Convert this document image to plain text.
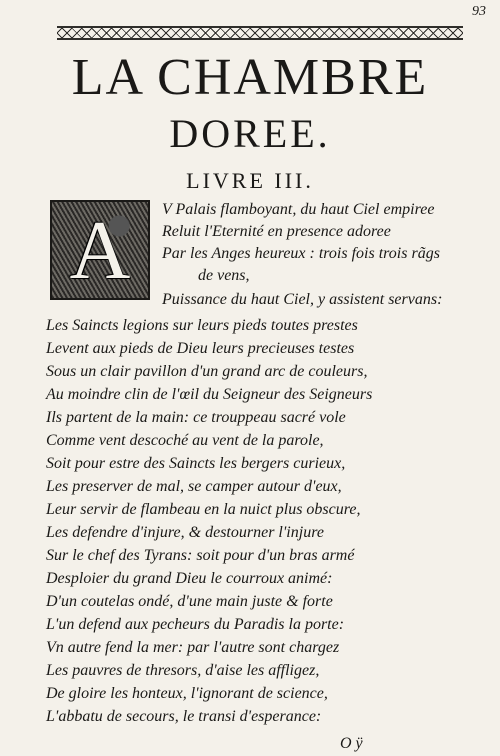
93
LA CHAMBRE
DOREE.
LIVRE III.
A	V Palais flamboyant, du haut Ciel empiree
Reluit l'Eternité en presence adoree
Par les Anges heureux : trois fois trois rãgs
de vens,
Puissance du haut Ciel, y assistent servans:
Les Saincts legions sur leurs pieds toutes prestes
Levent aux pieds de Dieu leurs precieuses testes
Sous un clair pavillon d'un grand arc de couleurs,
Au moindre clin de l'œil du Seigneur des Seigneurs
Ils partent de la main: ce trouppeau sacré vole
Comme vent descoché au vent de la parole,
Soit pour estre des Saincts les bergers curieux,
Les preserver de mal, se camper autour d'eux,
Leur servir de flambeau en la nuict plus obscure,
Les defendre d'injure, & destourner l'injure
Sur le chef des Tyrans: soit pour d'un bras armé
Desploier du grand Dieu le courroux animé:
D'un coutelas ondé, d'une main juste & forte
L'un defend aux pecheurs du Paradis la porte:
Vn autre fend la mer: par l'autre sont chargez
Les pauvres de thresors, d'aise les affligez,
De gloire les honteux, l'ignorant de science,
L'abbatu de secours, le transi d'esperance:
O ÿ
